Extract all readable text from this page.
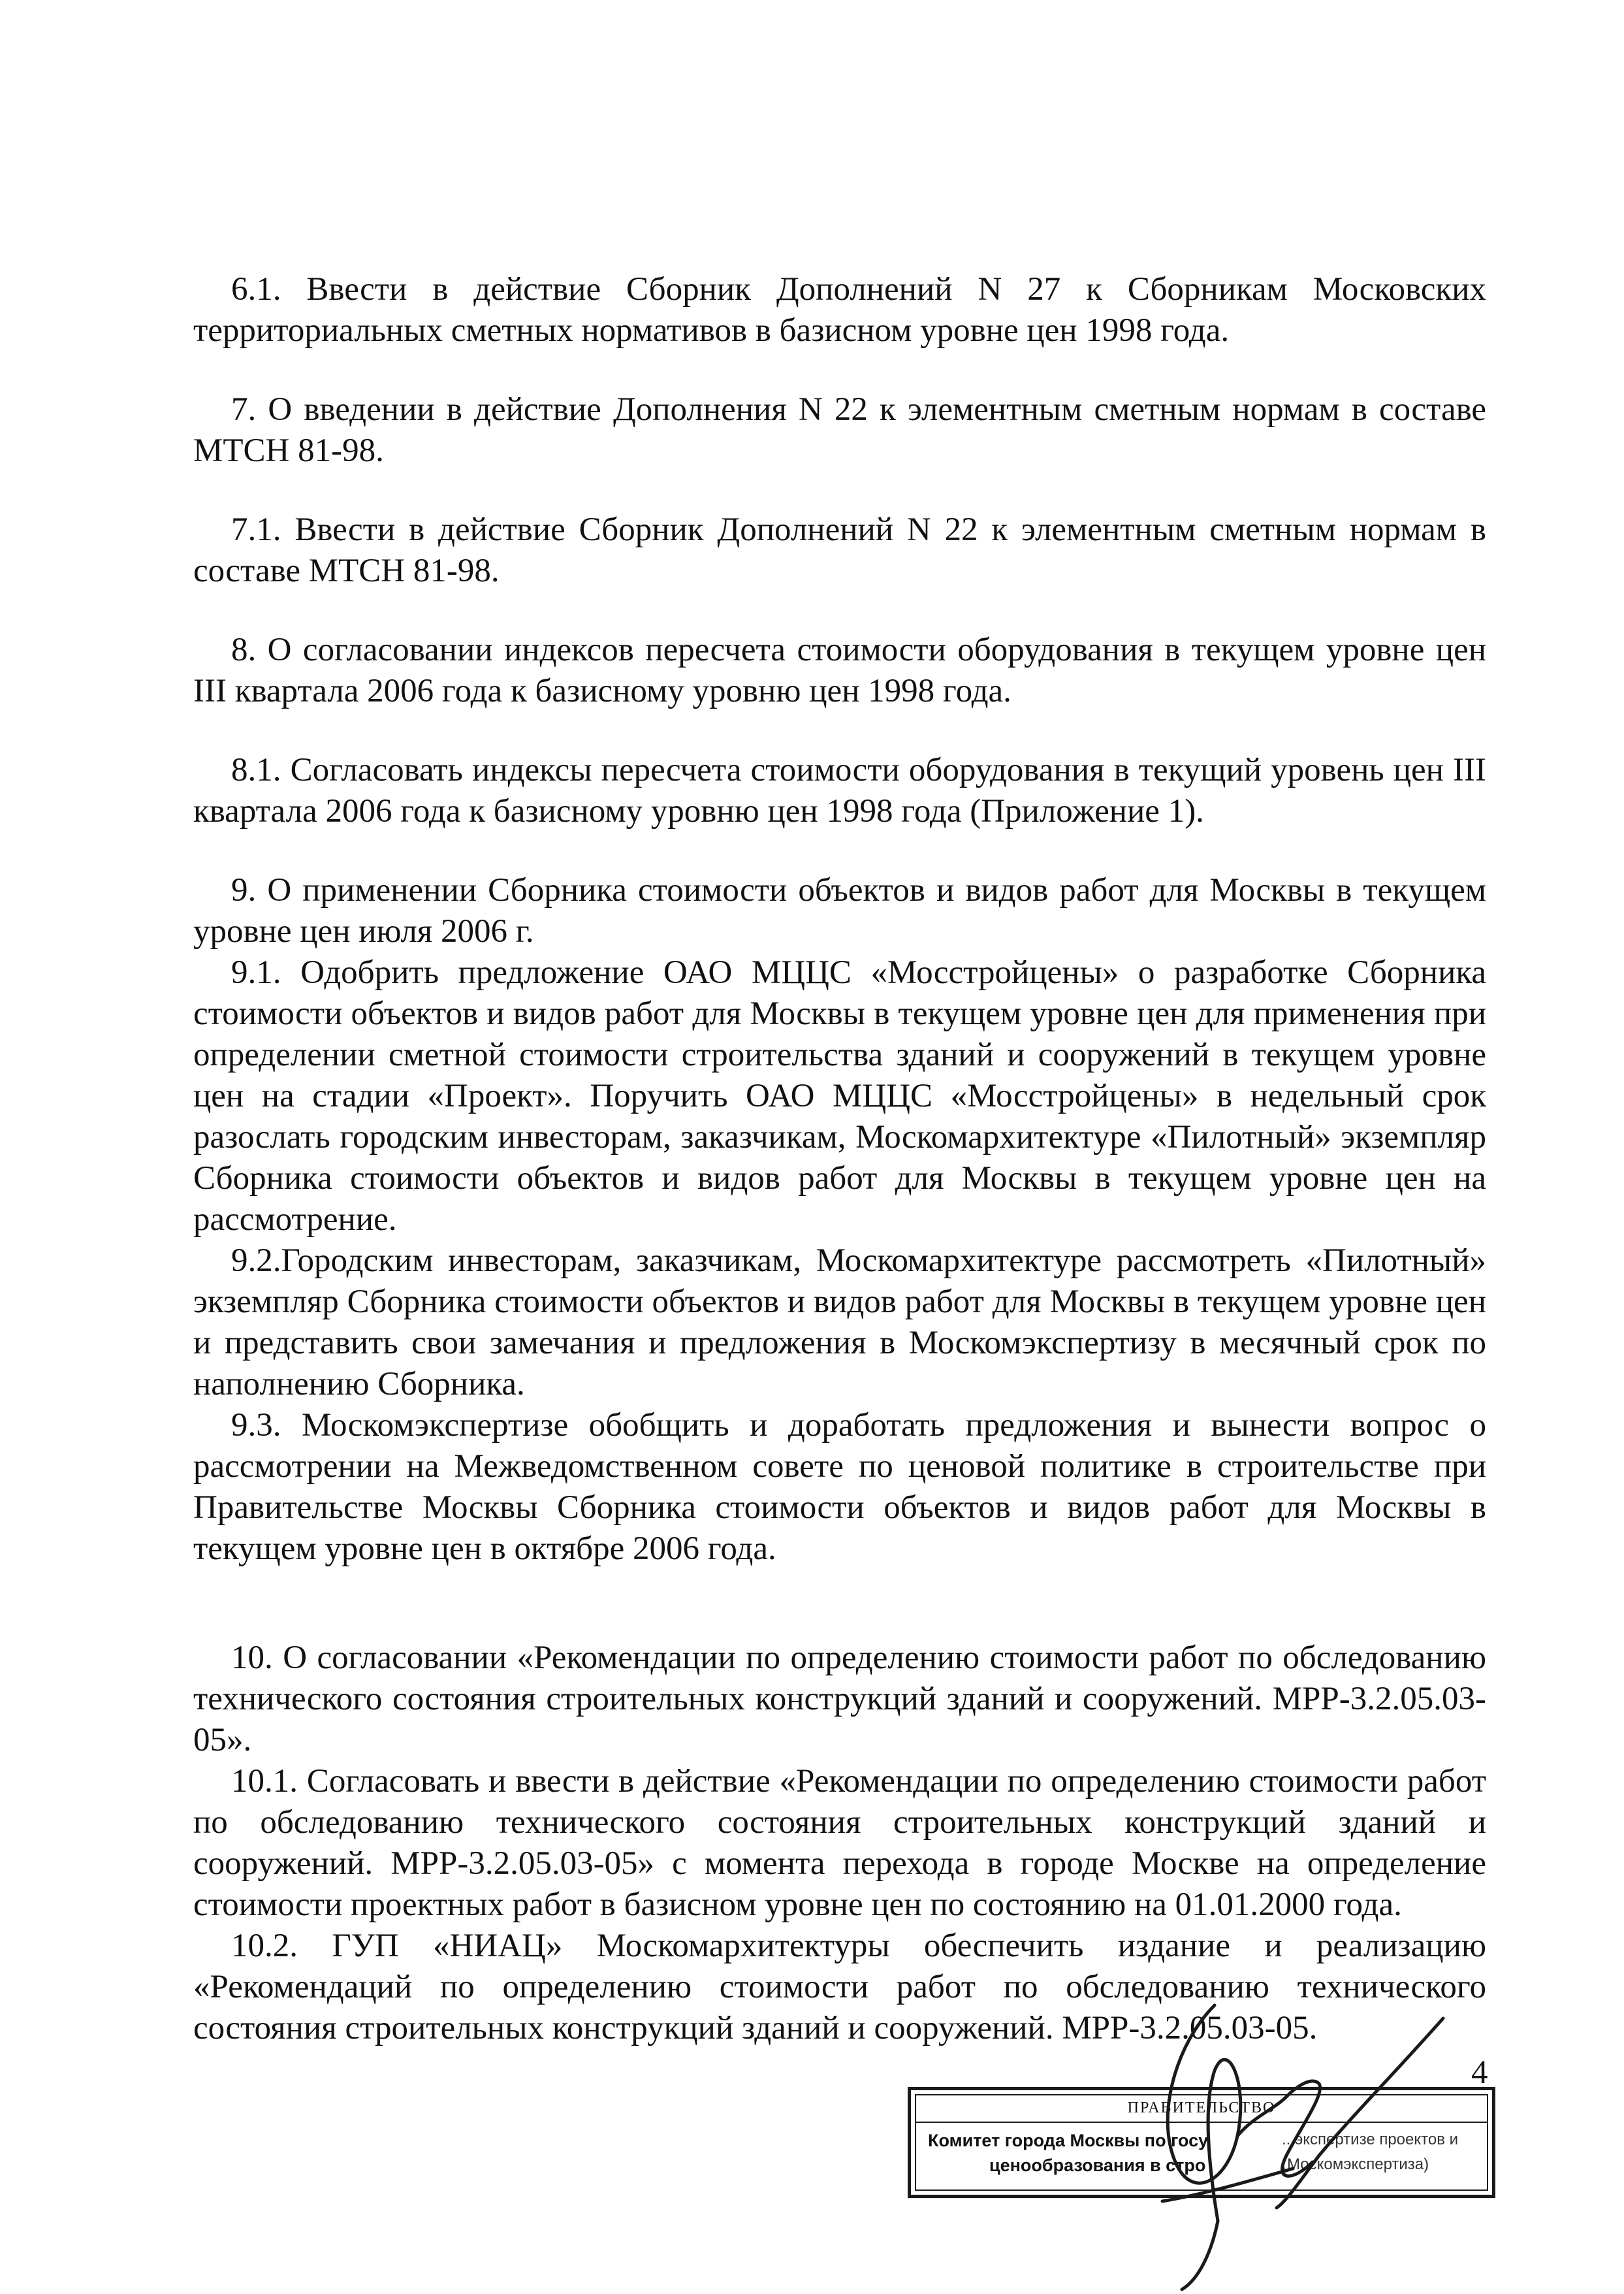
6.1. Ввести в действие Сборник Дополнений N 27 к Сборникам Московских территориальных сметных нормативов в базисном уровне цен 1998 года.

7. О введении в действие Дополнения N 22 к элементным сметным нормам в составе МТСН 81-98.

7.1. Ввести в действие Сборник Дополнений N 22 к элементным сметным нормам в составе МТСН 81-98.

8. О согласовании индексов пересчета стоимости оборудования в текущем уровне цен III квартала 2006 года к базисному уровню цен 1998 года.

8.1. Согласовать индексы пересчета стоимости оборудования в текущий уровень цен III квартала 2006 года к базисному уровню цен 1998 года (Приложение 1).

9. О применении Сборника стоимости объектов и видов работ для Москвы в текущем уровне цен июля 2006 г.

9.1. Одобрить предложение ОАО МЦЦС «Мосстройцены» о разработке Сборника стоимости объектов и видов работ для Москвы в текущем уровне цен для применения при определении сметной стоимости строительства зданий и сооружений в текущем уровне цен на стадии «Проект». Поручить ОАО МЦЦС «Мосстройцены» в недельный срок разослать городским инвесторам, заказчикам, Москомархитектуре «Пилотный» экземпляр Сборника стоимости объектов и видов работ для Москвы в текущем уровне цен на рассмотрение.

9.2.Городским инвесторам, заказчикам, Москомархитектуре рассмотреть «Пилотный» экземпляр Сборника стоимости объектов и видов работ для Москвы в текущем уровне цен и представить свои замечания и предложения в Москомэкспертизу в месячный срок по наполнению Сборника.

9.3. Москомэкспертизе обобщить и доработать предложения и вынести вопрос о рассмотрении на Межведомственном совете по ценовой политике в строительстве при Правительстве Москвы Сборника стоимости объектов и видов работ для Москвы в текущем уровне цен в октябре 2006 года.

10. О согласовании «Рекомендации по определению стоимости работ по обследованию технического состояния строительных конструкций зданий и сооружений. МРР-3.2.05.03-05».

10.1. Согласовать и ввести в действие «Рекомендации по определению стоимости работ по обследованию технического состояния строительных конструкций зданий и сооружений. МРР-3.2.05.03-05» с момента перехода в городе Москве на определение стоимости проектных работ в базисном уровне цен по состоянию на 01.01.2000 года.

10.2. ГУП «НИАЦ» Москомархитектуры обеспечить издание и реализацию «Рекомендаций по определению стоимости работ по обследованию технического состояния строительных конструкций зданий и сооружений. МРР-3.2.05.03-05.

4
ПРАВИТЕЛЬСТВО
Комитет города Москвы по госу
ценообразования в стро
...экспертизе проектов и
(Москомэкспертиза)
